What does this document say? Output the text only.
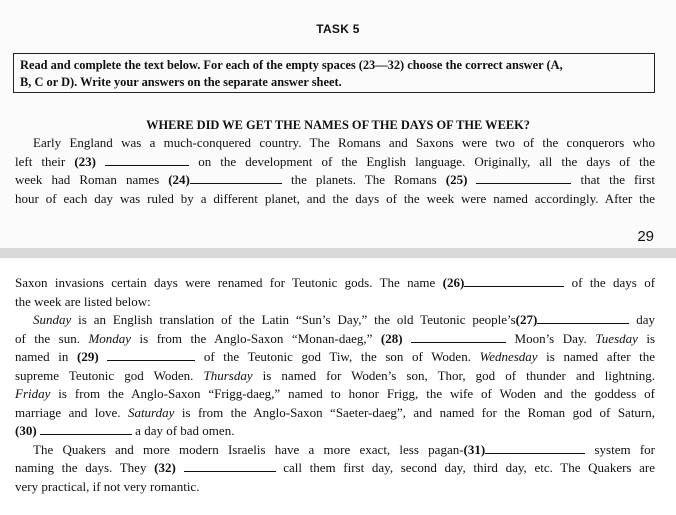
TASK 5
Read and complete the text below. For each of the empty spaces (23—32) choose the correct answer (A,
B, C or D). Write your answers on the separate answer sheet.
WHERE DID WE GET THE NAMES OF THE DAYS OF THE WEEK?
Early England was a much-conquered country. The Romans and Saxons were two of the conquerors who
left their (23)	on the development of the English language. Originally, all the days of the
week had Roman names (24)	the planets. The Romans (25)	that the first
hour of each day was ruled by a different planet, and the days of the week were named accordingly. After the
29
Saxon invasions certain days were renamed for Teutonic gods. The name (26)	of the days of
the week are listed below:
Sunday is an English translation of the Latin “Sun’s Day,” the old Teutonic people’s(27)	day
of the sun. Monday is from the Anglo-Saxon “Monan-daeg,” (28)	Moon’s Day. Tuesday is
named in (29)	of the Teutonic god Tiw, the son of Woden. Wednesday is named after the
supreme Teutonic god Woden. Thursday is named for Woden’s son, Thor, god of thunder and lightning.
Friday is from the Anglo-Saxon “Frigg-daeg,” named to honor Frigg, the wife of Woden and the goddess of
marriage and love. Saturday is from the Anglo-Saxon “Saeter-daeg”, and named for the Roman god of Saturn,
(30)	a day of bad omen.
The Quakers and more modern Israelis have a more exact, less pagan-(31)	system for
naming the days. They (32)	call them first day, second day, third day, etc. The Quakers are
very practical, if not very romantic.
